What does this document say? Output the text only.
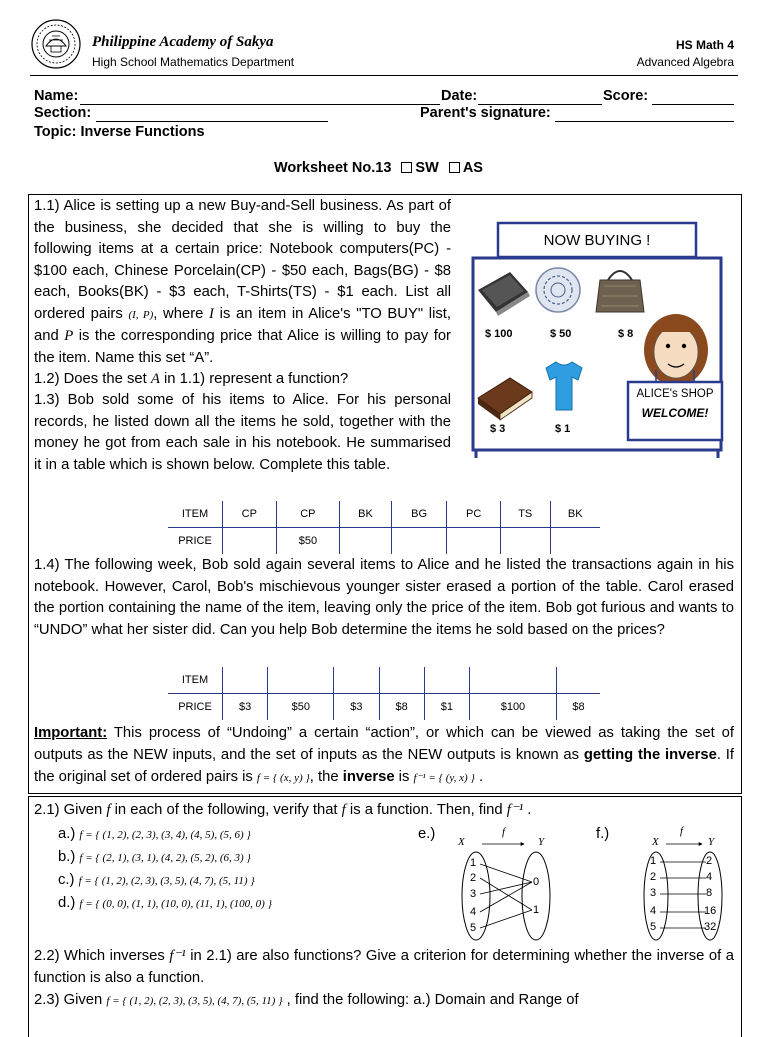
Philippine Academy of Sakya
High School Mathematics Department
HS Math 4
Advanced Algebra
Name:	Date:	Score:
Section:	Parent's signature:
Topic: Inverse Functions
Worksheet No.13 SW AS
1.1) Alice is setting up a new Buy-and-Sell business. As part of the business, she decided that she is willing to buy the following items at a certain price: Notebook computers(PC) - $100 each, Chinese Porcelain(CP) - $50 each, Bags(BG) - $8 each, Books(BK) - $3 each, T-Shirts(TS) - $1 each. List all ordered pairs (I, P), where I is an item in Alice's "TO BUY" list, and P is the corresponding price that Alice is willing to pay for the item. Name this set “A”.
1.2) Does the set A in 1.1) represent a function?
1.3) Bob sold some of his items to Alice. For his personal records, he listed down all the items he sold, together with the money he got from each sale in his notebook. He summarised it in a table which is shown below. Complete this table.
NOW BUYING !
$ 100	$ 50	$ 8
$ 3	$ 1
ALICE's SHOP
WELCOME!
ITEM	CP	CP	BK	BG	PC	TS	BK
PRICE		$50					
1.4) The following week, Bob sold again several items to Alice and he listed the transactions again in his notebook. However, Carol, Bob's mischievous younger sister erased a portion of the table. Carol erased the portion containing the name of the item, leaving only the price of the item. Bob got furious and wants to “UNDO” what her sister did. Can you help Bob determine the items he sold based on the prices?
ITEM							
PRICE	$3	$50	$3	$8	$1	$100	$8
Important: This process of “Undoing” a certain “action”, or which can be viewed as taking the set of outputs as the NEW inputs, and the set of inputs as the NEW outputs is known as getting the inverse. If the original set of ordered pairs is f = { (x, y) }, the inverse is f⁻¹ = { (y, x) } .
2.1) Given f in each of the following, verify that f is a function. Then, find f⁻¹ .
a.) f = { (1, 2), (2, 3), (3, 4), (4, 5), (5, 6) }
b.) f = { (2, 1), (3, 1), (4, 2), (5, 2), (6, 3) }
c.) f = { (1, 2), (2, 3), (3, 5), (4, 7), (5, 11) }
d.) f = { (0, 0), (1, 1), (10, 0), (11, 1), (100, 0) }
e.)	f.)
X	Y
f
1
2
3
4
5
0
1
X	Y
f
1
2
3
4
5
2
4
8
16
32
2.2) Which inverses f⁻¹ in 2.1) are also functions? Give a criterion for determining whether the inverse of a function is also a function.
2.3) Given f = { (1, 2), (2, 3), (3, 5), (4, 7), (5, 11) } , find the following: a.) Domain and Range of
